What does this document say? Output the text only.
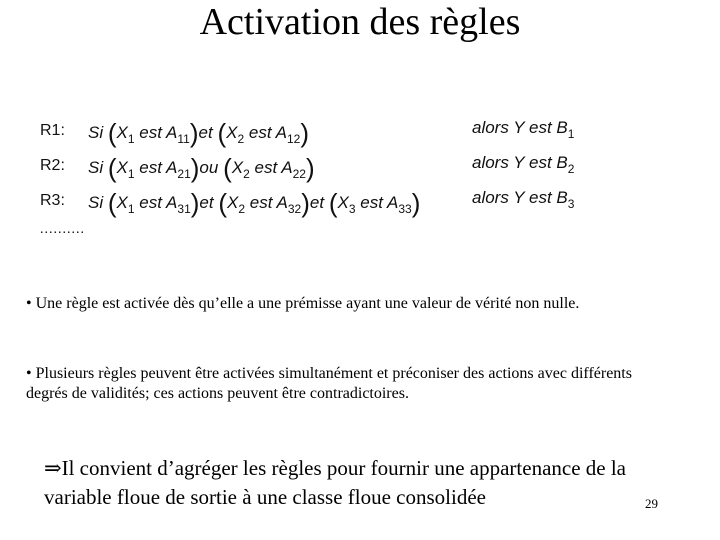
Activation des règles
R1: Si ($X_1$ est $A_{11})et$ ($X_2$ est $A_{12}$)	alors Y est $B_1$
R2: Si ($X_1$ est $A_{21})ou$ ($X_2$ est $A_{22}$)	alors Y est $B_2$
R3: Si ($X_1$ est $A_{31})et$ ($X_2$ est $A_{32})et$ ($X_3$ est $A_{33}$)	alors Y est $B_3$
..........
• Une règle est activée dès qu’elle a une prémisse ayant une valeur de vérité non nulle.
• Plusieurs règles peuvent être activées simultanément et préconiser des actions avec différents degrés de validités; ces actions peuvent être contradictoires.
⇒Il convient d’agréger les règles pour fournir une appartenance de la variable floue de sortie à une classe floue consolidée	29
